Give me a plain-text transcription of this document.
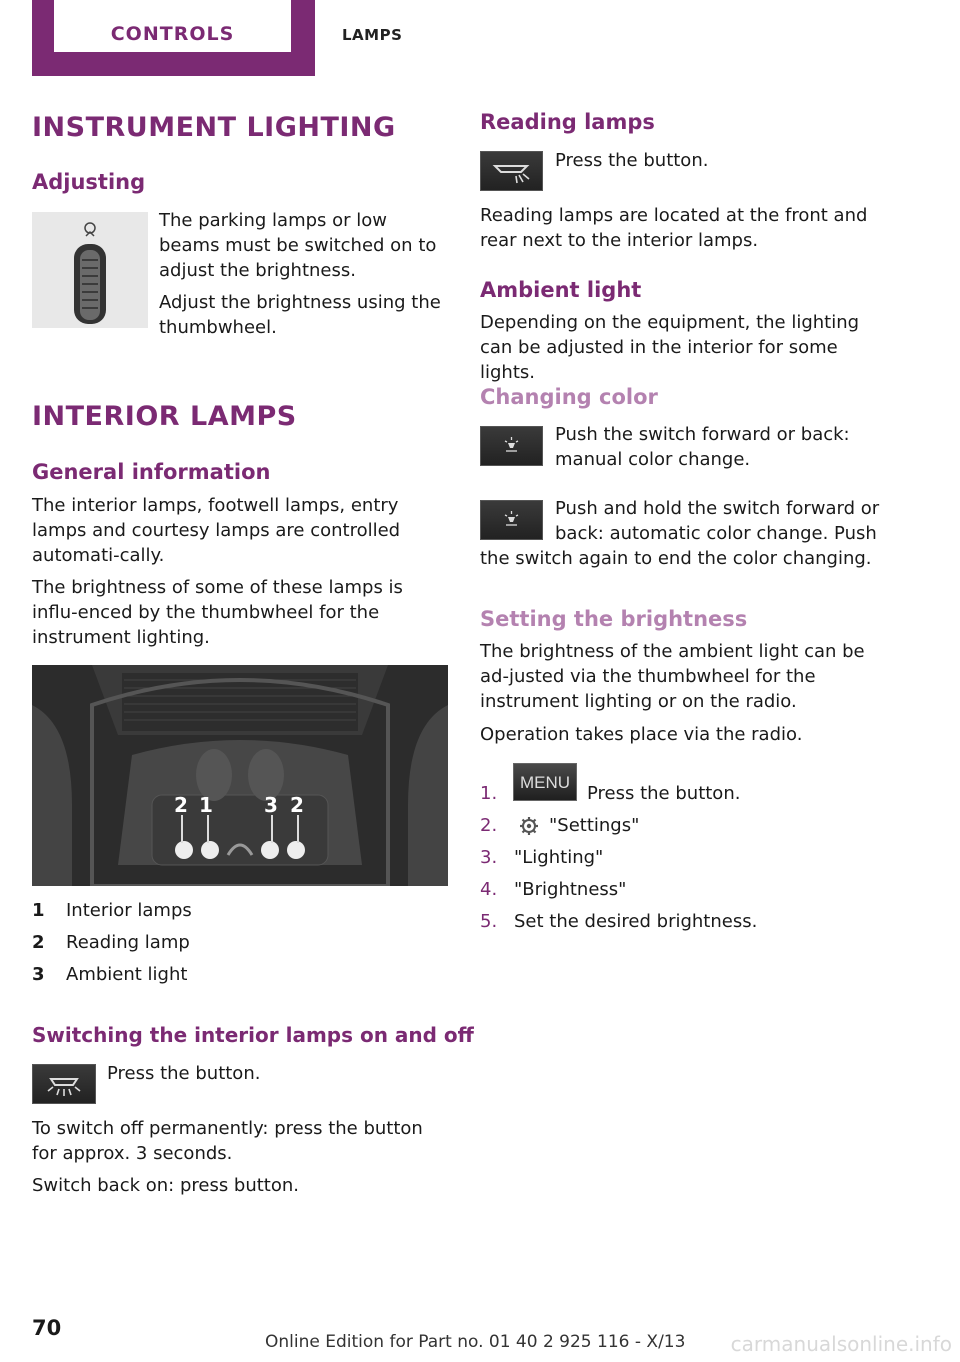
CONTROLS	LAMPS
INSTRUMENT LIGHTING
Adjusting
The parking lamps or low beams must be switched on to adjust the brightness.
Adjust the brightness using the thumbwheel.
INTERIOR LAMPS
General information
The interior lamps, footwell lamps, entry lamps and courtesy lamps are controlled automati‐cally.
The brightness of some of these lamps is influ‐enced by the thumbwheel for the instrument lighting.
2 1	3 2
1	Interior lamps
2	Reading lamp
3	Ambient light
Switching the interior lamps on and off
Press the button.
To switch off permanently: press the button for approx. 3 seconds.
Switch back on: press button.
Reading lamps
Press the button.
Reading lamps are located at the front and rear next to the interior lamps.
Ambient light
Depending on the equipment, the lighting can be adjusted in the interior for some lights.
Changing color
Push the switch forward or back: manual color change.
Push and hold the switch forward or back: automatic color change. Push
the switch again to end the color changing.
Setting the brightness
The brightness of the ambient light can be ad‐justed via the thumbwheel for the instrument lighting or on the radio.
Operation takes place via the radio.
1.
MENU
Press the button.
2.	"Settings"
3. "Lighting"
4. "Brightness"
5. Set the desired brightness.
70
Online Edition for Part no. 01 40 2 925 116 - X/13 carmanualsonline.info
